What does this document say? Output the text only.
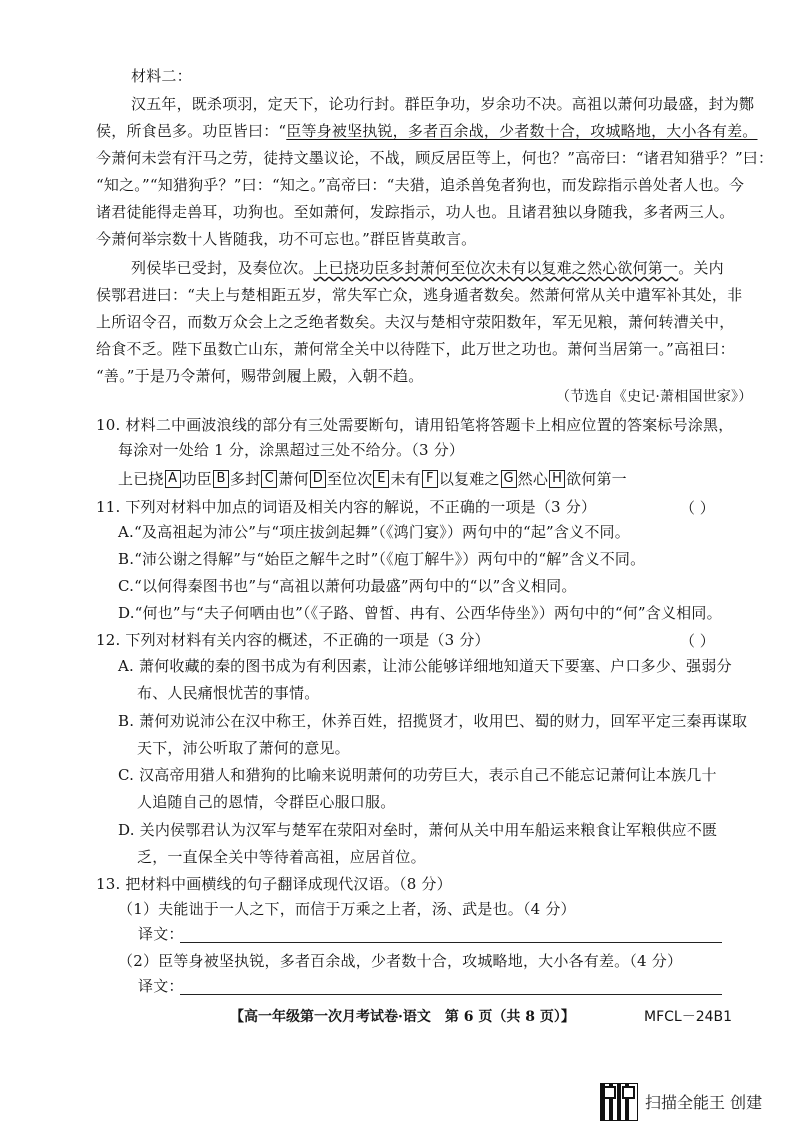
材料二：
汉五年，既杀项羽，定天下，论功行封。群臣争功，岁余功不决。高祖以萧何功最盛，封为酂
侯，所食邑多。功臣皆曰：“臣等身被坚执锐，多者百余战，少者数十合，攻城略地，大小各有差。
今萧何未尝有汗马之劳，徒持文墨议论，不战，顾反居臣等上，何也？”高帝曰：“诸君知猎乎？”曰：
“知之。”“知猎狗乎？”曰：“知之。”高帝曰：“夫猎，追杀兽兔者狗也，而发踪指示兽处者人也。今
诸君徒能得走兽耳，功狗也。至如萧何，发踪指示，功人也。且诸君独以身随我，多者两三人。
今萧何举宗数十人皆随我，功不可忘也。”群臣皆莫敢言。
列侯毕已受封，及奏位次。上已挠功臣多封萧何至位次未有以复难之然心欲何第一。关内
侯鄂君进曰：“夫上与楚相距五岁，常失军亡众，逃身遁者数矣。然萧何常从关中遣军补其处，非
上所诏令召，而数万众会上之乏绝者数矣。夫汉与楚相守荥阳数年，军无见粮，萧何转漕关中，
给食不乏。陛下虽数亡山东，萧何常全关中以待陛下，此万世之功也。萧何当居第一。”高祖曰：
“善。”于是乃令萧何，赐带剑履上殿，入朝不趋。
（节选自《史记·萧相国世家》）
10. 材料二中画波浪线的部分有三处需要断句，请用铅笔将答题卡上相应位置的答案标号涂黑，
每涂对一处给 1 分，涂黑超过三处不给分。（3 分）
上已挠 A 功臣 B 多封 C 萧何 D 至位次 E 未有 F 以复难之 G 然心 H 欲何第一
11. 下列对材料中加点的词语及相关内容的解说，不正确的一项是（3 分）	（ ）
A.“及高祖起为沛公”与“项庄拔剑起舞”（《鸿门宴》）两句中的“起”含义不同。
B.“沛公谢之得解”与“始臣之解牛之时”（《庖丁解牛》）两句中的“解”含义不同。
C.“以何得秦图书也”与“高祖以萧何功最盛”两句中的“以”含义相同。
D.“何也”与“夫子何哂由也”（《子路、曾皙、冉有、公西华侍坐》）两句中的“何”含义相同。
12. 下列对材料有关内容的概述，不正确的一项是（3 分）	（ ）
A. 萧何收藏的秦的图书成为有利因素，让沛公能够详细地知道天下要塞、户口多少、强弱分
布、人民痛恨忧苦的事情。
B. 萧何劝说沛公在汉中称王，休养百姓，招揽贤才，收用巴、蜀的财力，回军平定三秦再谋取
天下，沛公听取了萧何的意见。
C. 汉高帝用猎人和猎狗的比喻来说明萧何的功劳巨大，表示自己不能忘记萧何让本族几十
人追随自己的恩情，令群臣心服口服。
D. 关内侯鄂君认为汉军与楚军在荥阳对垒时，萧何从关中用车船运来粮食让军粮供应不匮
乏，一直保全关中等待着高祖，应居首位。
13. 把材料中画横线的句子翻译成现代汉语。（8 分）
（1）夫能诎于一人之下，而信于万乘之上者，汤、武是也。（4 分）
译文：
（2）臣等身被坚执锐，多者百余战，少者数十合，攻城略地，大小各有差。（4 分）
译文：
【高一年级第一次月考试卷·语文　第 6 页（共 8 页）】	MFCL－24B1
扫描全能王 创建
